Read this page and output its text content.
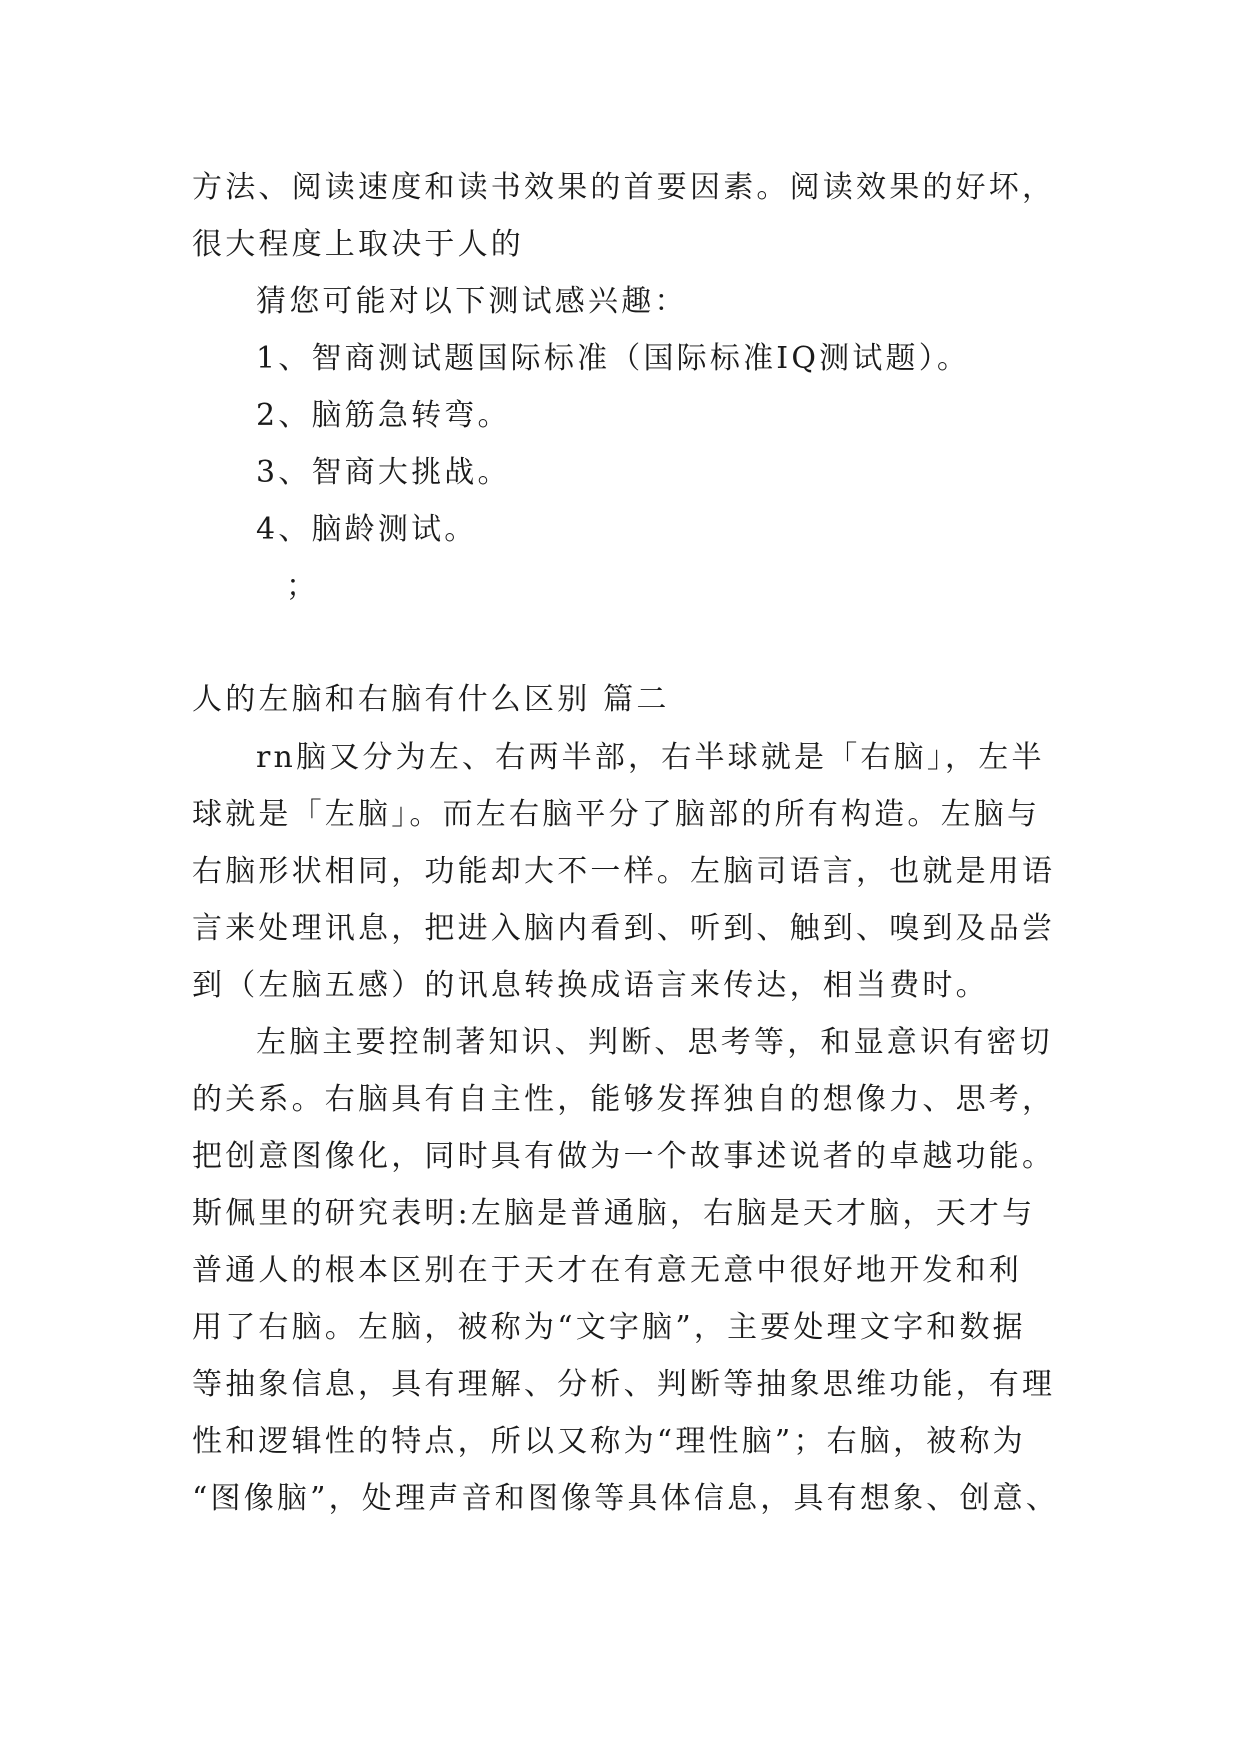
方法、阅读速度和读书效果的首要因素。阅读效果的好坏，
很大程度上取决于人的
猜您可能对以下测试感兴趣：
1、智商测试题国际标准（国际标准IQ测试题）。
2、脑筋急转弯。
3、智商大挑战。
4、脑龄测试。
；
人的左脑和右脑有什么区别 篇二
rn脑又分为左、右两半部，右半球就是「右脑」，左半
球就是「左脑」。而左右脑平分了脑部的所有构造。左脑与
右脑形状相同，功能却大不一样。左脑司语言，也就是用语
言来处理讯息，把进入脑内看到、听到、触到、嗅到及品尝
到（左脑五感）的讯息转换成语言来传达，相当费时。
左脑主要控制著知识、判断、思考等，和显意识有密切
的关系。右脑具有自主性，能够发挥独自的想像力、思考，
把创意图像化，同时具有做为一个故事述说者的卓越功能。
斯佩里的研究表明:左脑是普通脑，右脑是天才脑，天才与
普通人的根本区别在于天才在有意无意中很好地开发和利
用了右脑。左脑，被称为“文字脑”，主要处理文字和数据
等抽象信息，具有理解、分析、判断等抽象思维功能，有理
性和逻辑性的特点，所以又称为“理性脑”；右脑，被称为
“图像脑”，处理声音和图像等具体信息，具有想象、创意、
